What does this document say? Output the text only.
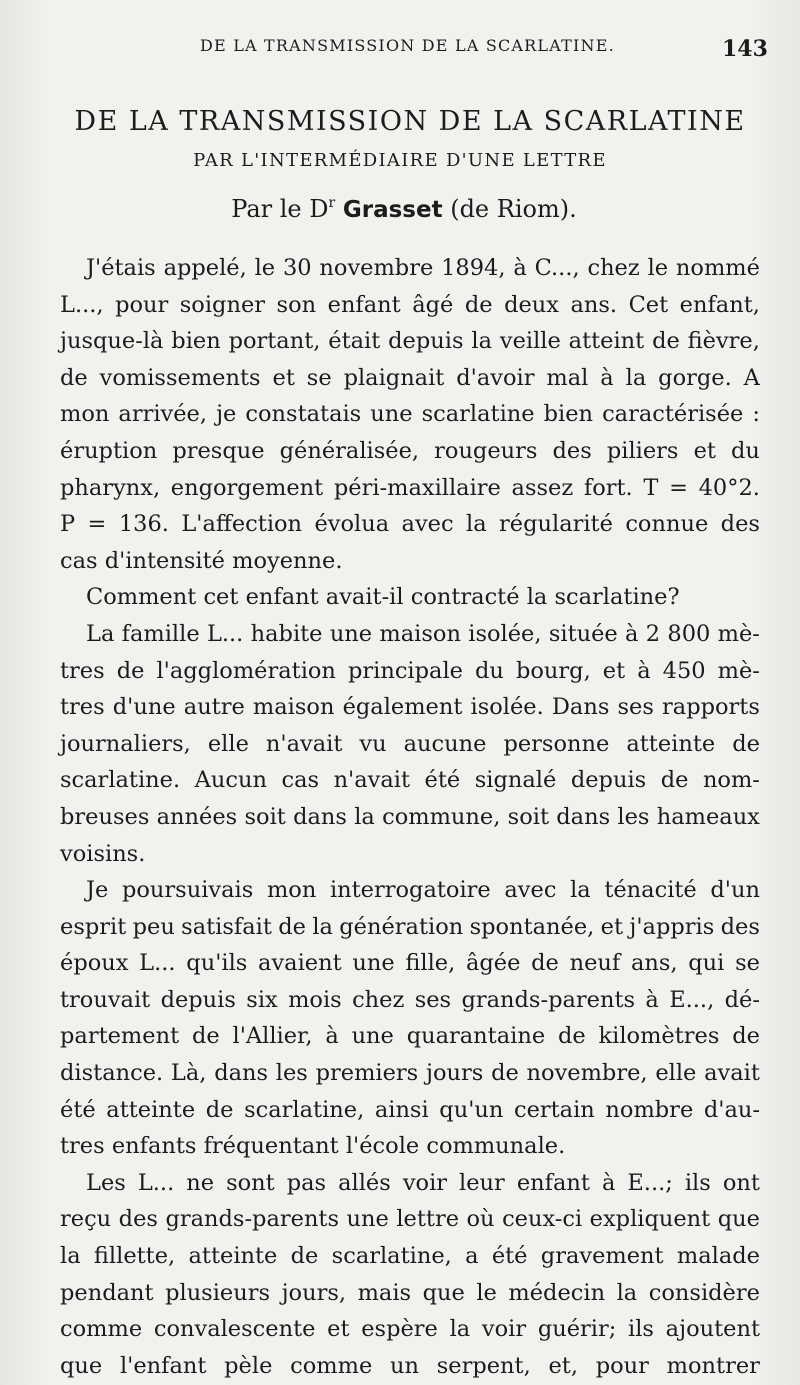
DE LA TRANSMISSION DE LA SCARLATINE.	143
DE LA TRANSMISSION DE LA SCARLATINE
PAR L'INTERMÉDIAIRE D'UNE LETTRE
Par le $D^r$ Grasset (de Riom).
J'étais appelé, le 30 novembre 1894, à C..., chez le nommé
L..., pour soigner son enfant âgé de deux ans. Cet enfant,
jusque-là bien portant, était depuis la veille atteint de fièvre,
de vomissements et se plaignait d'avoir mal à la gorge. A
mon arrivée, je constatais une scarlatine bien caractérisée :
éruption presque généralisée, rougeurs des piliers et du
pharynx, engorgement péri-maxillaire assez fort. T = 40°2.
P = 136. L'affection évolua avec la régularité connue des
cas d'intensité moyenne.
Comment cet enfant avait-il contracté la scarlatine?
La famille L... habite une maison isolée, située à 2 800 mè-
tres de l'agglomération principale du bourg, et à 450 mè-
tres d'une autre maison également isolée. Dans ses rapports
journaliers, elle n'avait vu aucune personne atteinte de
scarlatine. Aucun cas n'avait été signalé depuis de nom-
breuses années soit dans la commune, soit dans les hameaux
voisins.
Je poursuivais mon interrogatoire avec la ténacité d'un
esprit peu satisfait de la génération spontanée, et j'appris des
époux L... qu'ils avaient une fille, âgée de neuf ans, qui se
trouvait depuis six mois chez ses grands-parents à E..., dé-
partement de l'Allier, à une quarantaine de kilomètres de
distance. Là, dans les premiers jours de novembre, elle avait
été atteinte de scarlatine, ainsi qu'un certain nombre d'au-
tres enfants fréquentant l'école communale.
Les L... ne sont pas allés voir leur enfant à E...; ils ont
reçu des grands-parents une lettre où ceux-ci expliquent que
la fillette, atteinte de scarlatine, a été gravement malade
pendant plusieurs jours, mais que le médecin la considère
comme convalescente et espère la voir guérir; ils ajoutent
que l'enfant pèle comme un serpent, et, pour montrer
